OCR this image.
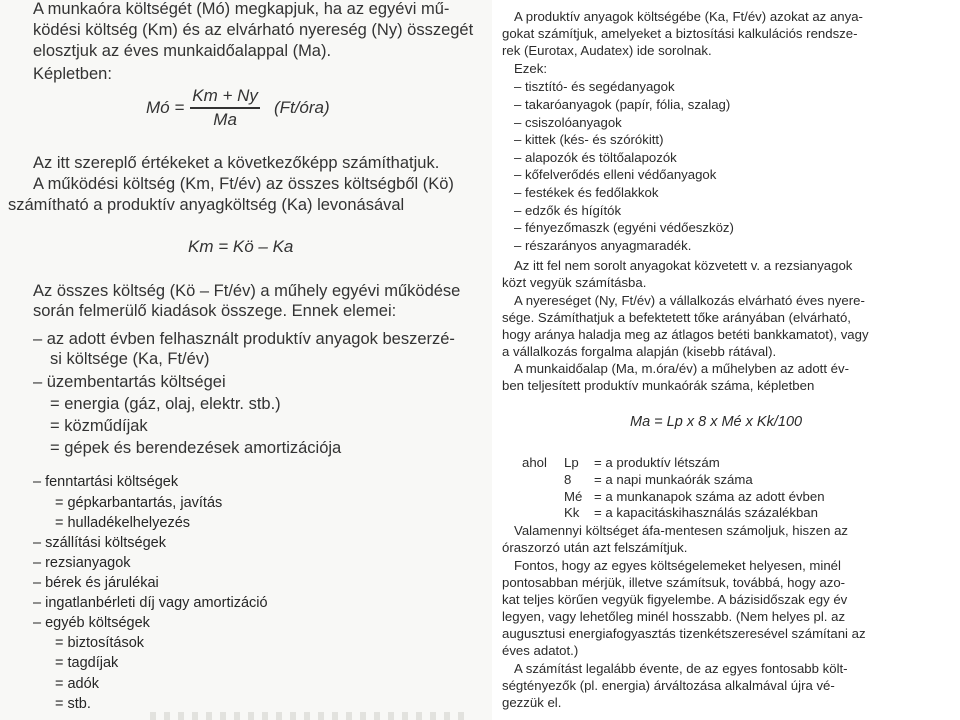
A munkaóra költségét (Mó) megkapjuk, ha az egyévi mű-
ködési költség (Km) és az elvárható nyereség (Ny) összegét
elosztjuk az éves munkaidőalappal (Ma).
Képletben:
Mó = $\frac{Km + Ny}{Ma}$ (Ft/óra)
Az itt szereplő értékeket a következőképp számíthatjuk.
A működési költség (Km, Ft/év) az összes költségből (Kö)
számítható a produktív anyagköltség (Ka) levonásával
Km = Kö – Ka
Az összes költség (Kö – Ft/év) a műhely egyévi működése
során felmerülő kiadások összege. Ennek elemei:
– az adott évben felhasznált produktív anyagok beszerzé-
si költsége (Ka, Ft/év)
– üzembentartás költségei
= energia (gáz, olaj, elektr. stb.)
= közműdíjak
= gépek és berendezések amortizációja
– fenntartási költségek
= gépkarbantartás, javítás
= hulladékelhelyezés
– szállítási költségek
– rezsianyagok
– bérek és járulékai
– ingatlanbérleti díj vagy amortizáció
– egyéb költségek
= biztosítások
= tagdíjak
= adók
= stb.
A produktív anyagok költségébe (Ka, Ft/év) azokat az anya-
gokat számítjuk, amelyeket a biztosítási kalkulációs rendsze-
rek (Eurotax, Audatex) ide sorolnak.
Ezek:
– tisztító- és segédanyagok
– takaróanyagok (papír, fólia, szalag)
– csiszolóanyagok
– kittek (kés- és szórókitt)
– alapozók és töltőalapozók
– kőfelverődés elleni védőanyagok
– festékek és fedőlakkok
– edzők és hígítók
– fényezőmaszk (egyéni védőeszköz)
– részarányos anyagmaradék.
Az itt fel nem sorolt anyagokat közvetett v. a rezsianyagok
közt vegyük számításba.
A nyereséget (Ny, Ft/év) a vállalkozás elvárható éves nyere-
sége. Számíthatjuk a befektetett tőke arányában (elvárható,
hogy aránya haladja meg az átlagos betéti bankkamatot), vagy
a vállalkozás forgalma alapján (kisebb rátával).
A munkaidőalap (Ma, m.óra/év) a műhelyben az adott év-
ben teljesített produktív munkaórák száma, képletben
Ma = Lp x 8 x Mé x Kk/100
ahol Lp = a produktív létszám
8 = a napi munkaórák száma
Mé = a munkanapok száma az adott évben
Kk = a kapacitáskihasználás százalékban
Valamennyi költséget áfa-mentesen számoljuk, hiszen az
óraszorzó után azt felszámítjuk.
Fontos, hogy az egyes költségelemeket helyesen, minél
pontosabban mérjük, illetve számítsuk, továbbá, hogy azo-
kat teljes körűen vegyük figyelembe. A bázisidőszak egy év
legyen, vagy lehetőleg minél hosszabb. (Nem helyes pl. az
augusztusi energiafogyasztás tizenkétszeresével számítani az
éves adatot.)
A számítást legalább évente, de az egyes fontosabb költ-
ségtényezők (pl. energia) árváltozása alkalmával újra vé-
gezzük el.
